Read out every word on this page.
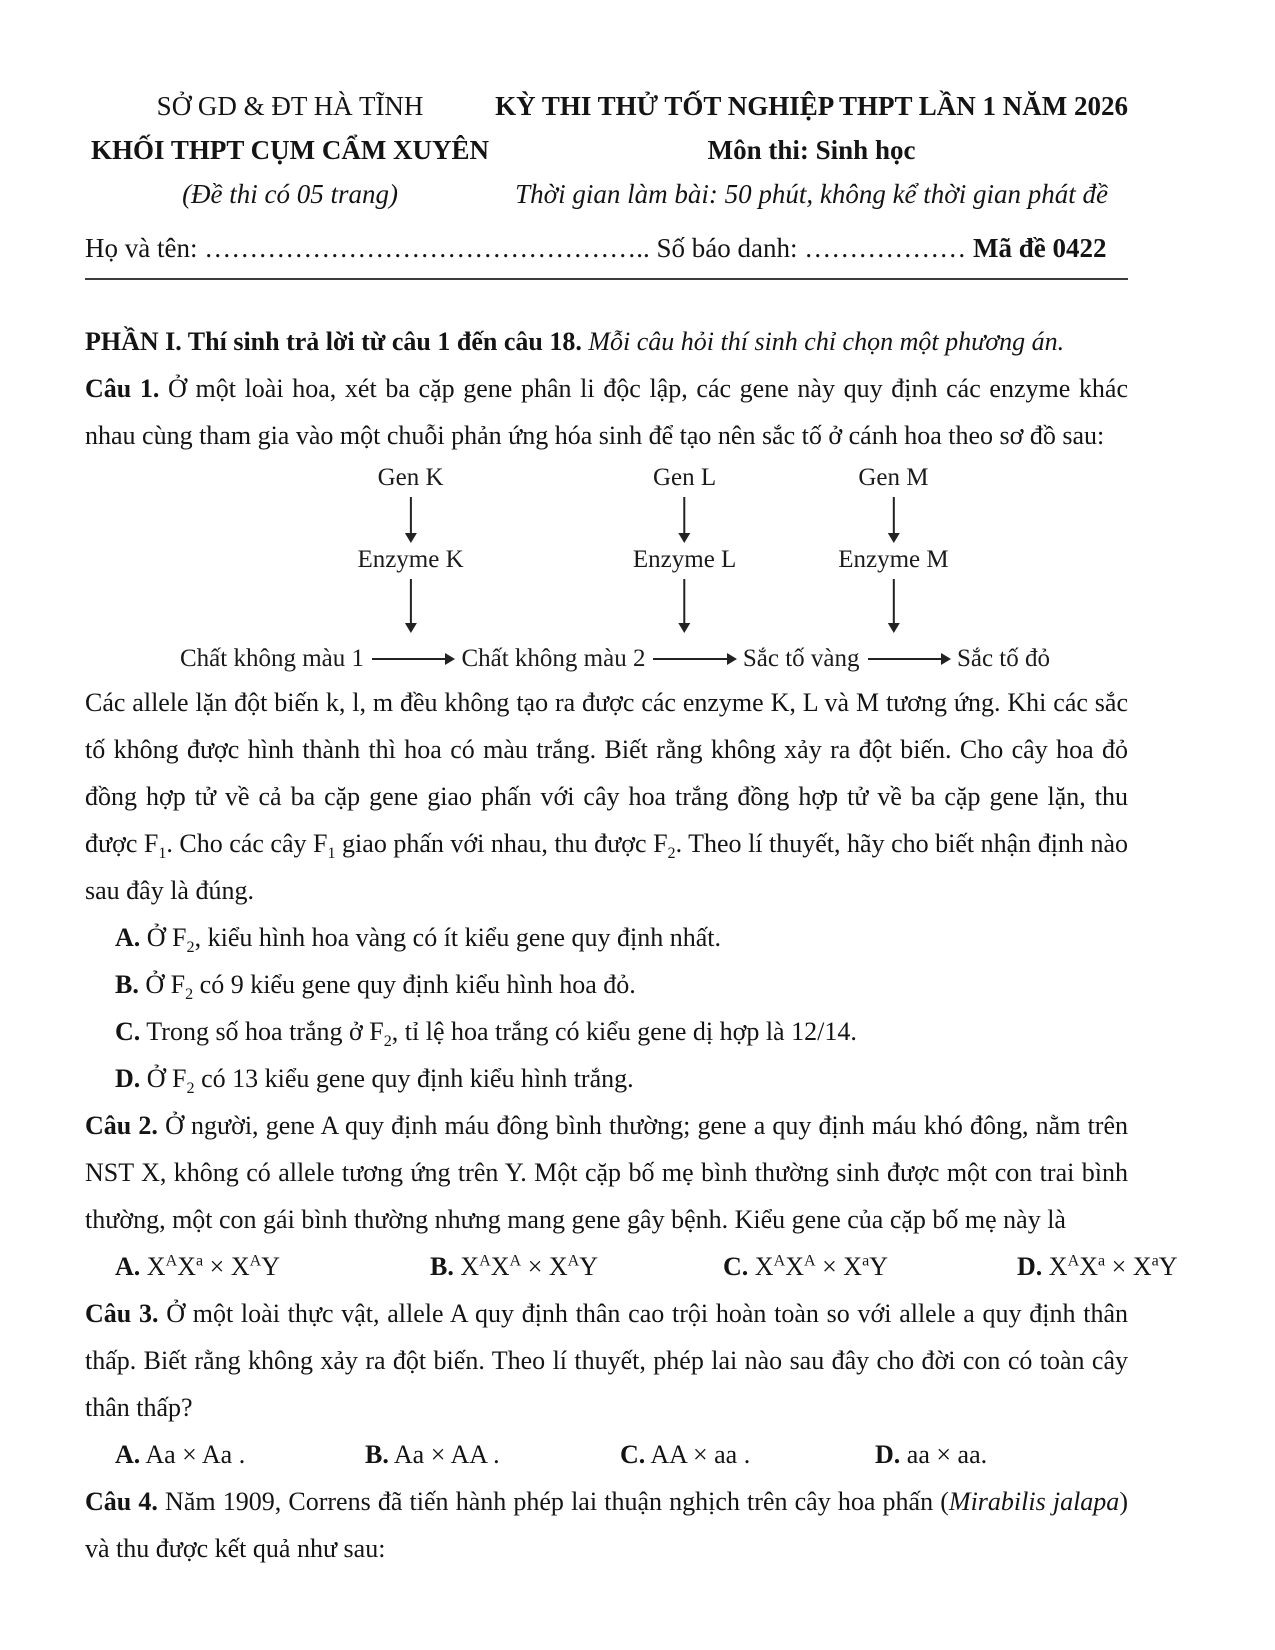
SỞ GD & ĐT HÀ TĨNH
KHỐI THPT CỤM CẨM XUYÊN
(Đề thi có 05 trang)
KỲ THI THỬ TỐT NGHIỆP THPT LẦN 1 NĂM 2026
Môn thi: Sinh học
Thời gian làm bài: 50 phút, không kể thời gian phát đề
Họ và tên: ………………………………………….. Số báo danh: ……………… Mã đề 0422

PHẦN I. Thí sinh trả lời từ câu 1 đến câu 18. Mỗi câu hỏi thí sinh chỉ chọn một phương án.

Câu 1. Ở một loài hoa, xét ba cặp gene phân li độc lập, các gene này quy định các enzyme khác nhau cùng tham gia vào một chuỗi phản ứng hóa sinh để tạo nên sắc tố ở cánh hoa theo sơ đồ sau:

Gen K
Enzyme K
Gen L
Enzyme L
Gen M
Enzyme M
Chất không màu 1	Chất không màu 2	Sắc tố vàng	Sắc tố đỏ

Các allele lặn đột biến k, l, m đều không tạo ra được các enzyme K, L và M tương ứng. Khi các sắc tố không được hình thành thì hoa có màu trắng. Biết rằng không xảy ra đột biến. Cho cây hoa đỏ đồng hợp tử về cả ba cặp gene giao phấn với cây hoa trắng đồng hợp tử về ba cặp gene lặn, thu được $F_1$. Cho các cây $F_1$ giao phấn với nhau, thu được $F_2$. Theo lí thuyết, hãy cho biết nhận định nào sau đây là đúng.

A. Ở $F_2$, kiểu hình hoa vàng có ít kiểu gene quy định nhất.

B. Ở $F_2$ có 9 kiểu gene quy định kiểu hình hoa đỏ.

C. Trong số hoa trắng ở $F_2$, tỉ lệ hoa trắng có kiểu gene dị hợp là 12/14.

D. Ở $F_2$ có 13 kiểu gene quy định kiểu hình trắng.

Câu 2. Ở người, gene A quy định máu đông bình thường; gene a quy định máu khó đông, nằm trên NST X, không có allele tương ứng trên Y. Một cặp bố mẹ bình thường sinh được một con trai bình thường, một con gái bình thường nhưng mang gene gây bệnh. Kiểu gene của cặp bố mẹ này là

A. $X^AX^a \times X^AY$	B. $X^AX^A \times X^AY$	C. $X^AX^A \times X^aY$	D. $X^AX^a \times X^aY$

Câu 3. Ở một loài thực vật, allele A quy định thân cao trội hoàn toàn so với allele a quy định thân thấp. Biết rằng không xảy ra đột biến. Theo lí thuyết, phép lai nào sau đây cho đời con có toàn cây thân thấp?

A. Aa × Aa .	B. Aa × AA .	C. AA × aa .	D. aa × aa.

Câu 4. Năm 1909, Correns đã tiến hành phép lai thuận nghịch trên cây hoa phấn (Mirabilis jalapa) và thu được kết quả như sau:
